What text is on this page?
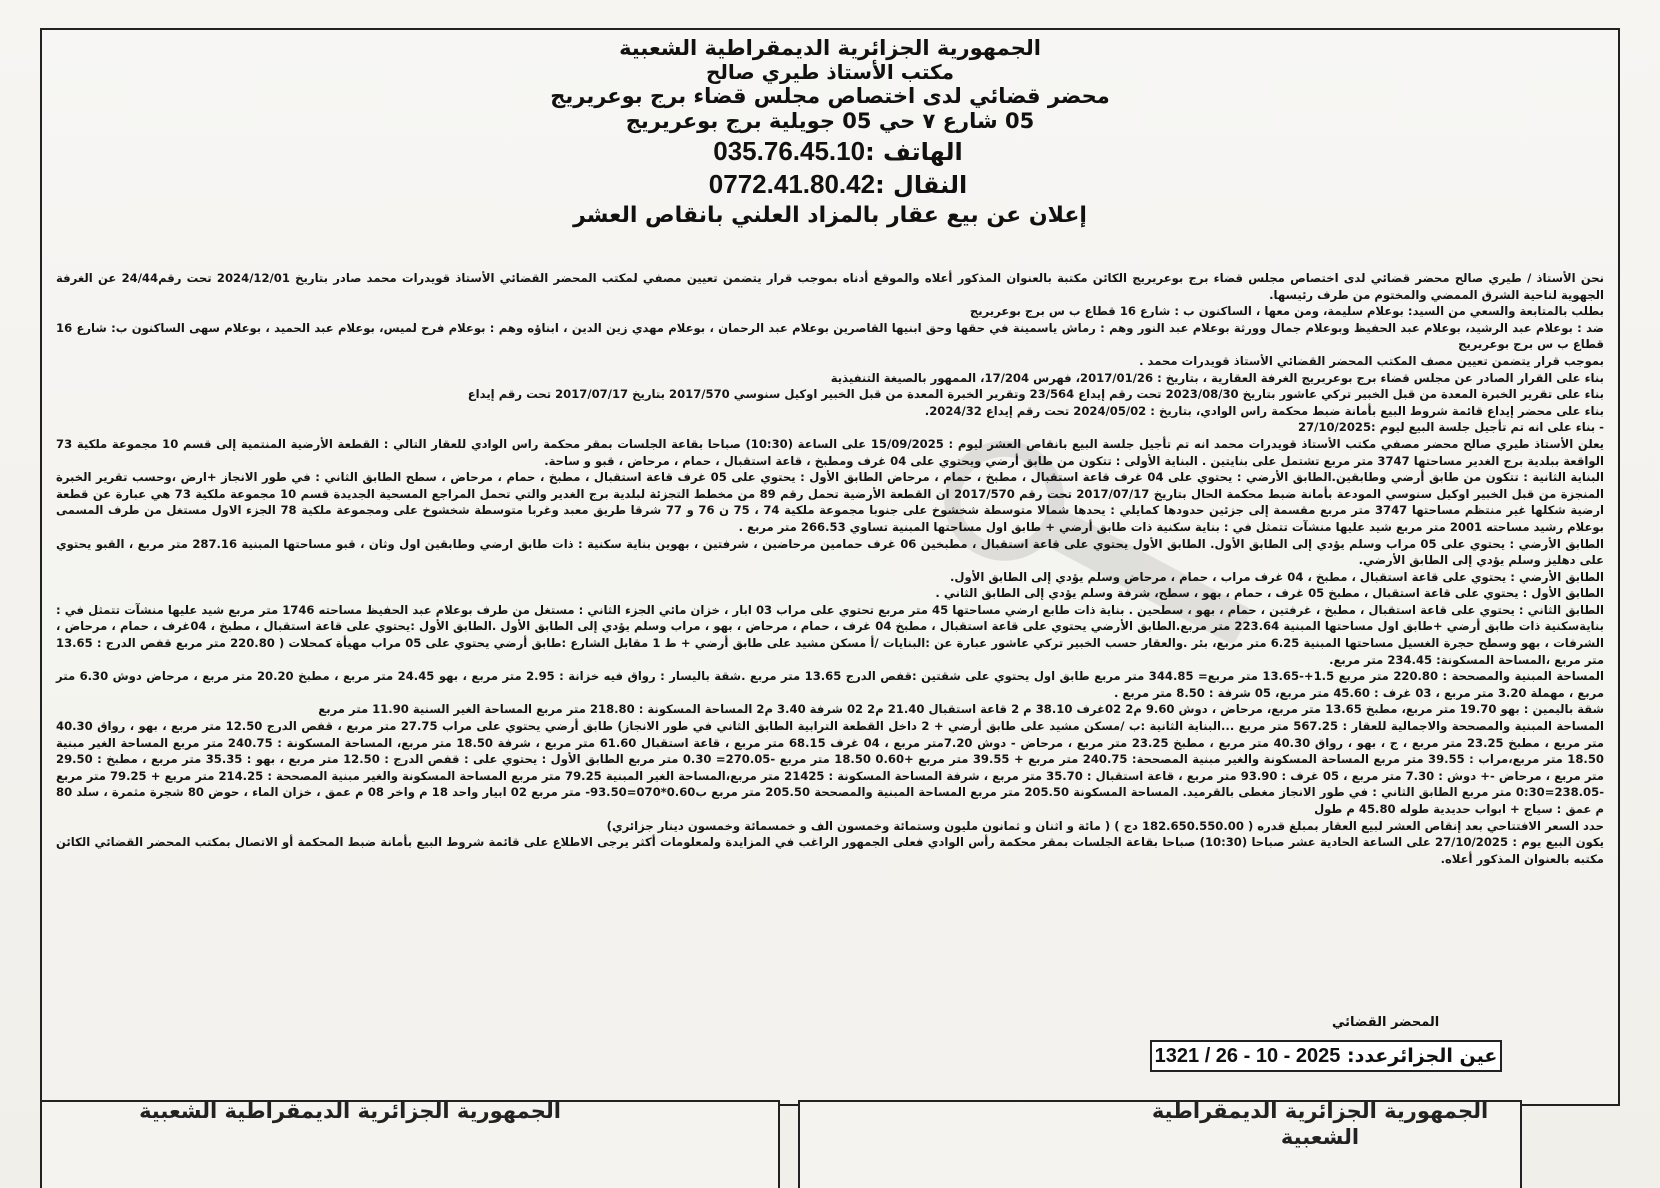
الجمهورية الجزائرية الديمقراطية الشعبية
مكتب الأستاذ طيري صالح
محضر قضائي لدى اختصاص مجلس قضاء برج بوعريريج
05 شارع ٧ حي 05 جويلية برج بوعريريج
الهاتف :035.76.45.10
النقال :0772.41.80.42
إعلان عن بيع عقار بالمزاد العلني بانقاص العشر

نحن الأستاذ / طيري صالح محضر قضائي لدى اختصاص مجلس قضاء برج بوعريريج الكائن مكتبة بالعنوان المذكور أعلاه والموقع أدناه بموجب قرار يتضمن تعيين مصفي لمكتب المحضر القضائي الأستاذ قويدرات محمد صادر بتاريخ 2024/12/01 تحت رقم24/44 عن الغرفة الجهوية لناحية الشرق الممضي والمختوم من طرف رئيسها.

بطلب بالمتابعة والسعي من السيد: بوعلام سليمة، ومن معها ، الساكنون ب : شارع 16 قطاع ب س برج بوعريريج

ضد : بوعلام عبد الرشيد، بوعلام عبد الحفيظ وبوعلام جمال وورثة بوعلام عبد النور وهم : رماش ياسمينة في حقها وحق ابنيها القاصرين بوعلام عبد الرحمان ، بوعلام مهدي زين الدين ، ابناؤه وهم : بوعلام فرح لميس، بوعلام عبد الحميد ، بوعلام سهى الساكنون ب: شارع 16 قطاع ب س برج بوعريريج

بموجب قرار يتضمن تعيين مصف المكتب المحضر القضائي الأستاذ قويدرات محمد .

بناء على القرار الصادر عن مجلس قضاء برج بوعريريج الغرفة العقارية ، بتاريخ : 2017/01/26، فهرس 17/204، الممهور بالصيغة التنفيذية

بناء على تقرير الخبرة المعدة من قبل الخبير تركي عاشور بتاريخ 2023/08/30 تحت رقم إيداع 23/564 وتقرير الخبرة المعدة من قبل الخبير اوكيل سنوسي 2017/570 بتاريخ 2017/07/17 تحت رقم إيداع

بناء على محضر إيداع قائمة شروط البيع بأمانة ضبط محكمة راس الوادي، بتاريخ : 2024/05/02 تحت رقم إيداع 2024/32.

- بناء على انه تم تأجيل جلسة البيع ليوم :27/10/2025

يعلن الأستاذ طيري صالح محضر مصفي مكتب الأستاذ قويدرات محمد انه تم تأجيل جلسة البيع بانقاص العشر ليوم : 15/09/2025 على الساعة (10:30) صباحا بقاعة الجلسات بمقر محكمة راس الوادي للعقار التالي : القطعة الأرضية المنتمية إلى قسم 10 مجموعة ملكية 73 الواقعة ببلدية برج الغدير مساحتها 3747 متر مربع تشتمل على بنايتين . البناية الأولى : تتكون من طابق أرضي ويحتوي على 04 غرف ومطبخ ، قاعة استقبال ، حمام ، مرحاض ، قبو و ساحة.

البناية الثانية : تتكون من طابق أرضي وطابقين.الطابق الأرضي : يحتوي على 04 غرف قاعة استقبال ، مطبخ ، حمام ، مرحاض الطابق الأول : يحتوي على 05 غرف قاعة استقبال ، مطبخ ، حمام ، مرحاض ، سطح الطابق الثاني : في طور الانجاز +ارض ،وحسب تقرير الخبرة المنجزة من قبل الخبير اوكيل سنوسي المودعة بأمانة ضبط محكمة الحال بتاريخ 2017/07/17 تحت رقم 2017/570 ان القطعة الأرضية تحمل رقم 89 من مخطط التجزئة لبلدية برج الغدير والتي تحمل المراجع المسحية الجديدة قسم 10 مجموعة ملكية 73 هي عبارة عن قطعة ارضية شكلها غير منتظم مساحتها 3747 متر مربع مقسمة إلى جزئين حدودها كمايلي : يحدها شمالا متوسطة شخشوخ على جنوبا مجموعة ملكية 74 ، 75 ن 76 و 77 شرقا طريق معبد وغربا متوسطة شخشوخ على ومجموعة ملكية 78 الجزء الاول مستغل من طرف المسمى بوعلام رشيد مساحته 2001 متر مربع شيد عليها منشآت تتمثل في : بناية سكنية ذات طابق أرضي + طابق اول مساحتها المبنية تساوي 266.53 متر مربع .

الطابق الأرضي : يحتوي على 05 مراب وسلم يؤدي إلى الطابق الأول. الطابق الأول يحتوي على قاعة استقبال ، مطبخين 06 غرف حمامين مرحاضين ، شرفتين ، بهوين بناية سكنية : ذات طابق ارضي وطابقين اول وثان ، قبو مساحتها المبنية 287.16 متر مربع ، القبو يحتوي على دهليز وسلم يؤدي إلى الطابق الأرضي.

الطابق الأرضي : يحتوي على قاعة استقبال ، مطبخ ، 04 غرف مراب ، حمام ، مرحاض وسلم يؤدي إلى الطابق الأول.

الطابق الأول : يحتوي على قاعة استقبال ، مطبخ 05 غرف ، حمام ، بهو ، سطح، شرفة وسلم يؤدي إلى الطابق الثاني .

الطابق الثاني : يحتوي على قاعة استقبال ، مطبخ ، غرفتين ، حمام ، بهو ، سطحين . بناية ذات طابع ارضي مساحتها 45 متر مربع تحتوي على مراب 03 ابار ، خزان مائي الجزء الثاني : مستغل من طرف بوعلام عبد الحفيظ مساحته 1746 متر مربع شيد عليها منشآت تتمثل في : بنايةسكنية ذات طابق أرضي +طابق اول مساحتها المبنية 223.64 متر مربع.الطابق الأرضي يحتوي على قاعة استقبال ، مطبخ 04 غرف ، حمام ، مرحاض ، بهو ، مراب وسلم يؤدي إلى الطابق الأول .الطابق الأول :يحتوي على قاعة استقبال ، مطبخ ، 04غرف ، حمام ، مرحاض ، الشرفات ، بهو وسطح حجرة الغسيل مساحتها المبنية 6.25 متر مربع، بئر .والعقار حسب الخبير تركي عاشور عبارة عن :البنايات /أ مسكن مشيد على طابق أرضي + ط 1 مقابل الشارع :طابق أرضي يحتوي على 05 مراب مهيأة كمحلات ( 220.80 متر مربع قفص الدرج : 13.65 متر مربع ،المساحة المسكونة: 234.45 متر مربع.

المساحة المبنية والمصححة : 220.80 متر مربع 1.5+-13.65 متر مربع= 344.85 متر مربع طابق اول يحتوي على شقتين :قفص الدرج 13.65 متر مربع .شقة باليسار : رواق فيه خزانة : 2.95 متر مربع ، بهو 24.45 متر مربع ، مطبخ 20.20 متر مربع ، مرحاض دوش 6.30 متر مربع ، مهملة 3.20 متر مربع ، 03 غرف : 45.60 متر مربع، 05 شرفة : 8.50 متر مربع .

شقة باليمين : بهو 19.70 متر مربع، مطبخ 13.65 متر مربع، مرحاض ، دوش 9.60 م2 02غرف 38.10 م 2 قاعة استقبال 21.40 م2 02 شرفة 3.40 م2 المساحة المسكونة : 218.80 متر مربع المساحة الغير السنية 11.90 متر مربع

المساحة المبنية والمصححة والاجمالية للعقار : 567.25 متر مربع ...البناية الثانية :ب /مسكن مشيد على طابق أرضي + 2 داخل القطعة الترابية الطابق الثاني في طور الانجاز) طابق أرضي يحتوي على مراب 27.75 متر مربع ، قفص الدرج 12.50 متر مربع ، بهو ، رواق 40.30 متر مربع ، مطبخ 23.25 متر مربع ، ج ، بهو ، رواق 40.30 متر مربع ، مطبخ 23.25 متر مربع ، مرحاض - دوش 7.20متر مربع ، 04 غرف 68.15 متر مربع ، قاعة استقبال 61.60 متر مربع ، شرفة 18.50 متر مربع، المساحة المسكونة : 240.75 متر مربع المساحة الغير مبنية 18.50 متر مربع،مراب : 39.55 متر مربع المساحة المسكونة والغير مبنية المصححة: 240.75 متر مربع + 39.55 متر مربع +0.60 18.50 متر مربع -270.05= 0.30 متر مربع الطابق الأول : يحتوي على : قفص الدرج : 12.50 متر مربع ، بهو : 35.35 متر مربع ، مطبخ : 29.50 متر مربع ، مرحاض -+ دوش : 7.30 متر مربع ، 05 غرف : 93.90 متر مربع ، قاعة استقبال : 35.70 متر مربع ، شرفة المساحة المسكونة : 21425 متر مربع،المساحة الغير المبنية 79.25 متر مربع المساحة المسكونة والغير مبنية المصححة : 214.25 متر مربع + 79.25 متر مربع -238.05=0:30 متر مربع الطابق الثاني : في طور الانجاز مغطى بالقرميد. المساحة المسكونة 205.50 متر مربع المساحة المبنية والمصححة 205.50 متر مربع ب0.60*070=93.50- متر مربع 02 ابيار واحد 18 م واخر 08 م عمق ، خزان الماء ، حوض 80 شجرة مثمرة ، سلد 80 م عمق : سياج + ابواب حديدية طوله 45.80 م طول

حدد السعر الافتتاحي بعد إنقاص العشر لبيع العقار بمبلغ قدره ( 182.650.550.00 دج ) ( مائة و اثنان و ثمانون مليون وستمائة وخمسون الف و خمسمائة وخمسون دينار جزائري)

يكون البيع يوم : 27/10/2025 على الساعة الحادية عشر صباحا (10:30) صباحا بقاعة الجلسات بمقر محكمة رأس الوادي فعلى الجمهور الراغب في المزايدة ولمعلومات أكثر يرجى الاطلاع على قائمة شروط البيع بأمانة ضبط المحكمة أو الاتصال بمكتب المحضر القضائي الكائن مكتبه بالعنوان المذكور أعلاه.

المحضر القضائي
عين الجزائرعدد: 1321 / 26 - 10 - 2025
الجمهورية الجزائرية الديمقراطية الشعبية	الجمهورية الجزائرية الديمقراطية الشعبية
